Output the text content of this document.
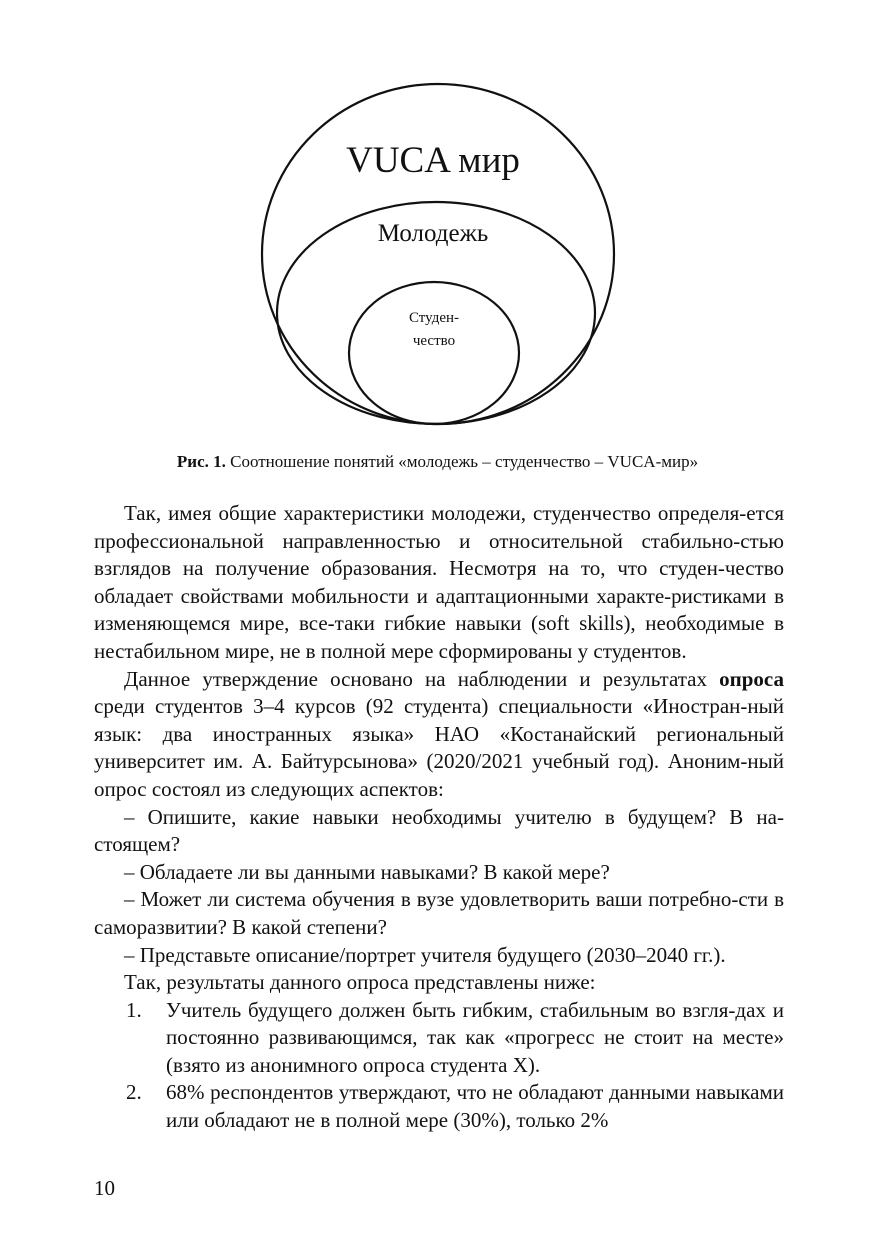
VUCA мир
Молодежь
Студен-
чество
Рис. 1. Соотношение понятий «молодежь – студенчество – VUCA-мир»

Так, имея общие характеристики молодежи, студенчество определя-ется профессиональной направленностью и относительной стабильно-стью взглядов на получение образования. Несмотря на то, что студен-чество обладает свойствами мобильности и адаптационными характе-ристиками в изменяющемся мире, все-таки гибкие навыки (soft skills), необходимые в нестабильном мире, не в полной мере сформированы у студентов.

Данное утверждение основано на наблюдении и результатах опроса среди студентов 3–4 курсов (92 студента) специальности «Иностран-ный язык: два иностранных языка» НАО «Костанайский региональный университет им. А. Байтурсынова» (2020/2021 учебный год). Аноним-ный опрос состоял из следующих аспектов:

– Опишите, какие навыки необходимы учителю в будущем? В на-стоящем?

– Обладаете ли вы данными навыками? В какой мере?

– Может ли система обучения в вузе удовлетворить ваши потребно-сти в саморазвитии? В какой степени?

– Представьте описание/портрет учителя будущего (2030–2040 гг.).

Так, результаты данного опроса представлены ниже:

1. Учитель будущего должен быть гибким, стабильным во взгля-дах и постоянно развивающимся, так как «прогресс не стоит на месте» (взято из анонимного опроса студента X).
2. 68% респондентов утверждают, что не обладают данными навыками или обладают не в полной мере (30%), только 2%
10
